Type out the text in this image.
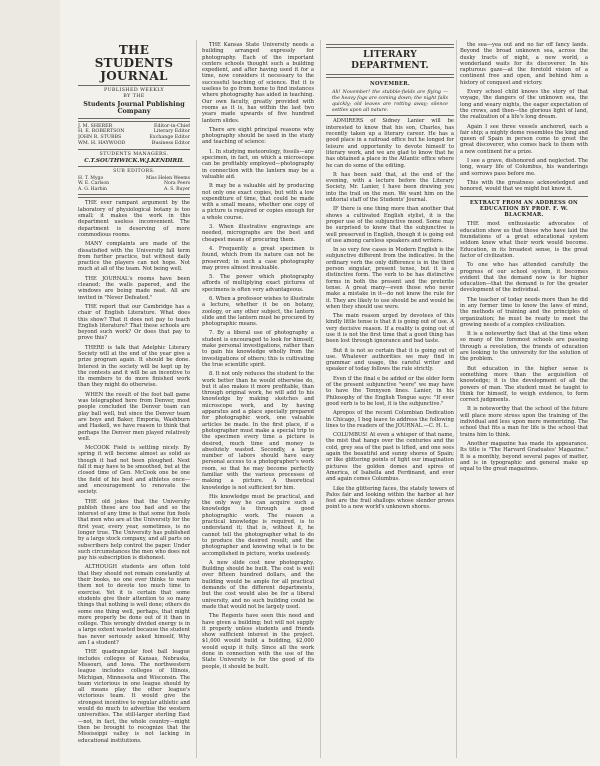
THE STUDENTS JOURNAL
PUBLISHED WEEKLY
BY THE
Students Journal Publishing Company
J. M. SHERER	Editor-in-Chief
H. E. ROBERTSON	Literary Editor
JOHN R. STUBBS	Exchange Editor
WM. H. HAYWOOD	Business Editor
STUDENTS MANAGERS.
C.T.SOUTHWICK.W.J.KENDIRIL
SUB EDITORS.
H. T. Mygo	Miss Helen Weems
W. E. Carlson	Nora Peers
A. G. Harbin	A. S. Buyer

THE ever rampant argument by the laboratory of physiological botany is too small; it makes the work in this department useless inconvenient. The department is deserving of more commodious rooms.

MANY complaints are made of the dissatisfied with the University fall term from further practice, but without daily practice the players can not hope. Not much at all of the team. Not being well.

THE JOURNAL's rooms have been cleaned; the walls papered, and the windows are being made neat. All are invited in "Never Defeated."

THE report that our Cambridge has a chair of English Literature. What does this show? That it does not pay to teach English literature? That these schools are beyond such work? Or does that pay to prove this?

THERE is talk that Adelphic Literary Society will at the end of the year give a prize program again. It should be done. Interest in the society will be kept up by the contests and it will be an incentive to its members to do more finished work than they might do otherwise.

WHEN the result of the foot ball game was telegraphed here from Denver, most people concluded the Denver team can play ball well, but since the Denver team are boys and Baker, Emporia, Washburn and Haskell, we have reason to think that perhaps the Denver men played relatively well.

McCOOK Field is settling nicely. By spring it will become almost as solid as though it had not been ploughed. Next fall it may have to be smoothed, but at the closed time of Gen. McCook one be one the field of his best and athletes once—and encouragement to renovate the society.

THE old jokes that the University publish these are too bad and so the interest of any time is that some fun fools that men who are at the University for the first year, every year, sometimes, is no longer true. The University has published by a large stock company, and all parts on subscribers help control the paper. Under such circumstances the men who does not pay his subscription is dishonest.

ALTHOUGH students are often told that they should not remain constantly at their books, no one ever thinks to warn them not to devote too much time to exercise. Yet it is certain that some students give their attention to so many things that nothing is well done; others do some one thing well, perhaps, that might more properly be done out of it than in college. This wrongly divided energy is in a large extent wasted because the student has never seriously asked himself, Why am I a student?

THE quadrangular foot ball league includes colleges of Kansas, Nebraska, Missouri, and Iowa. The northwestern league includes colleges of Illinois, Michigan, Minnesota and Wisconsin. The team victorious in one league should by all means play the other league's victorious team. It would give the strongest incentive to regular athletic and would do much to advertise the western universities. The still-larger sterling East—not, in fact, the whole country—might then be brought to recognize that the Mississippi valley is not lacking in educational institutions.

THE Kansas State University needs a building arranged expressly for photography. Each of the important centers schools thought such a building expedient, and after having used it for a time, now considers it necessary to the successful teaching of science. But it is useless to go from home to find instances where photography has aided in teaching. Our own faculty, greatly provided with rooms as it is, has within the last two years made upwards of five hundred lantern slides.

There are eight principal reasons why photography should be used in the study and teaching of science:

1. In studying meteorology, fossils—any specimen, in fact, on which a microscope can be profitably employed—photography in connection with the lantern may be a valuable aid.

It may be a valuable aid by producing not only one exact copies, but with a low expenditure of time, that could be made with a small means, whether one copy of a picture is required or copies enough for a whole course.

3. When illustrative engravings are needed, micrographs are the best and cheapest means of procuring them.

4. Frequently a great specimen is found, which from its nature can not be preserved; in such a case photography may prove almost invaluable.

5. The power which photography affords of multiplying exact pictures of specimens is often very advantageous.

6. When a professor wishes to illustrate a lecture, whether it be on botany, zoology, or any other subject, the lantern slide and the lantern must be procured by photographic means.

7. By a liberal use of photography a student is encouraged to look for himself, make personal investigations, rather than to gain his knowledge wholly from the investigations of others; this is cultivating the true scientific spirit.

8. It not only reduces the student to the work better than he would otherwise do, but it also makes it more profitable, than through original work, he will add to his knowledge by making sketches and microscope work, and by having apparatus and a place specially prepared for photographic work, one valuable articles be made. In the first place, if a photographer must make a special trip to the specimen every time a picture is desired, much time and money is absolutely wasted. Secondly, a large number of labors should have easy personal access to a photographer's work room, so that he may become perfectly familiar with the various processes of making a picture. A theoretical knowledge is not sufficient for him.

His knowledge must be practical, and the only way he can acquire such a knowledge is through a good photographic work. The reason a practical knowledge is required, is to understand it; that is, without it, he cannot tell the photographer what to do to produce the desired result; and the photographer and knowing what is to be accomplished in picture, works uselessly.

A new slide cost new photography. Building should be built. The cost is well over fifteen hundred dollars, and the building would be ample for all practical demands of the different departments, but the cost would also be for a liberal university, and no such building could be made that would not be largely used.

The Regents have seen this need and have given a building; but will not supply it properly unless students and friends show sufficient interest in the project. $1,000 would build a building, $2,000 would equip it fully. Since all the work done in connection with the use of the State University is for the good of its people, it should be built.

LITERARY DEPARTMENT.
NOVEMBER.
Ah! November! the stubble-fields are flying — the heavy fogs are coming down; the night falls quickly; old leaves are rotting away; silence settles upon all nature.

ADMIRERS of Sidney Lanier will be interested to know that his son, Charles, has recently taken up a literary career. He has a good place in a railroad office but he longed for leisure and opportunity to devote himself to literary work, and we are glad to know that he has obtained a place in the Atlantic office where he can do some of the editing.

It has been said that, at the end of the evening, with a lecture before the Literary Society, Mr. Lanier, I have been drawing you into the trail on the men. We want him on the editorial staff of the Students' Journal.

IF there is one thing more than another that shows a cultivated English stylist, it is the proper use of the subjunctive mood. Some may be surprised to know that the subjunctive is well preserved in English, though it is going out of use among careless speakers and writers.

In so very few cases in Modern English is the subjunctive different from the indicative. In the ordinary verb the only difference is in the third person singular, present tense, but it is a distinctive form. The verb to be has distinctive forms in both the present and the preterite tense. A great many—even those who never make a mistake in it—do not know the rule for it. They are likely to use should be and would be when they should use were.

The main reason urged by devotees of this kindly little tense is that it is going out of use. A very decisive reason. If a reality is going out of use it is not the first time that a good thing has been lost through ignorance and bad taste.

But it is not so certain that it is going out of use. Whatever authorities we may find in grammar and usage, the careful writer and speaker of today follows the rule strictly.

Even if the final e be added or the older form of the present subjunctive "were" we may have to have the Tennyson lines. Lanier, in his Philosophy of the English Tongue says: "If ever good verb is to be lost, it is the subjunctive."

Apropos of the recent Columbian Dedication in Chicago, I beg leave to address the following lines to the readers of the JOURNAL.—C. H. L.

COLUMBUS! At even a whisper of that name, the mist that hangs over the centuries and the cold, grey sea of the past is lifted, and one sees again the beautiful and sunny shores of Spain; or like glittering points of light our imagination pictures the golden domes and spires of America, of Isabella and Ferdinand, and ever and again comes Columbus.

Like the glittering faces, the stately towers of Palos fair and looking within the harbor at her feet are the frail shallops whose slender prows point to a new world's unknown shores.

the sea—yea out and no far off fancy lands. Beyond the broad unknown sea, across the dusky tracts of night, a new world, a wonderland waits for its discoverer. In his rapturous gaze—at the foretold vision of a continent free and open, and behind him a history of conquest and victory.

Every school child knows the story of that voyage, the dangers of the unknown sea, the long and weary nights, the eager expectation of the crews, and then—the glorious light of land, the realization of a life's long dream.

Again I see three vessels anchored, each a fair ship; a mighty dome resembles the king and queen of Spain in person come to greet the great discoverer, who comes back to them with a new continent for a prize.

I see a grave, dishonored and neglected. The long, weary life of Columbus, his wanderings and sorrows pass before me.

This with the greatness acknowledged and honored, would that we might but know it.

EXTRACT FROM AN ADDRESS ON EDUCATION BY PROF. F. W. BLACKMAR.

THE most enthusiastic advocates of education show us that those who have laid the foundations of a great educational system seldom knew what their work would become. Education, in its broadest sense, is the great factor of civilization.

To one who has attended carefully the progress of our school system, it becomes evident that the demand now is for higher education—that the demand is for the greater development of the individual.

The teacher of today needs more than he did in any former time to know the laws of mind, the methods of training and the principles of organization; he must be ready to meet the growing needs of a complex civilization.

It is a noteworthy fact that at the time when so many of the foremost schools are passing through a revolution, the friends of education are looking to the university for the solution of the problem.

But education in the higher sense is something more than the acquisition of knowledge; it is the development of all the powers of man. The student must be taught to think for himself, to weigh evidence, to form correct judgments.

It is noteworthy that the school of the future will place more stress upon the training of the individual and less upon mere memorizing. The school that fits a man for life is the school that trains him to think.

Another magazine has made its appearance. Its title is "The Harvard Graduates' Magazine." It is a monthly, beyond several pages of matter, and is in typographic and general make up equal to the great magazines.
